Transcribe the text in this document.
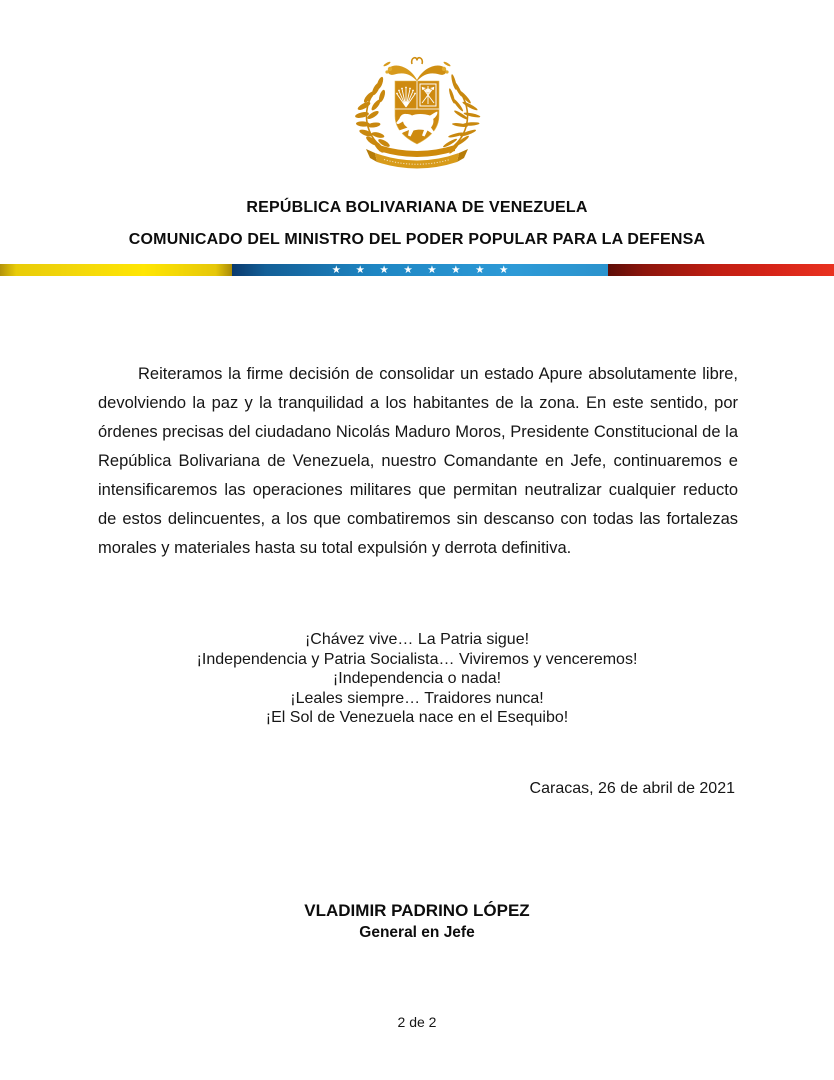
REPÚBLICA BOLIVARIANA DE VENEZUELA
COMUNICADO DEL MINISTRO DEL PODER POPULAR PARA LA DEFENSA
★★★★★★★★

Reiteramos la firme decisión de consolidar un estado Apure absolutamente libre, devolviendo la paz y la tranquilidad a los habitantes de la zona. En este sentido, por órdenes precisas del ciudadano Nicolás Maduro Moros, Presidente Constitucional de la República Bolivariana de Venezuela, nuestro Comandante en Jefe, continuaremos e intensificaremos las operaciones militares que permitan neutralizar cualquier reducto de estos delincuentes, a los que combatiremos sin descanso con todas las fortalezas morales y materiales hasta su total expulsión y derrota definitiva.

¡Chávez vive… La Patria sigue!
¡Independencia y Patria Socialista… Viviremos y venceremos!
¡Independencia o nada!
¡Leales siempre… Traidores nunca!
¡El Sol de Venezuela nace en el Esequibo!
Caracas, 26 de abril de 2021
VLADIMIR PADRINO LÓPEZ
General en Jefe
2 de 2
